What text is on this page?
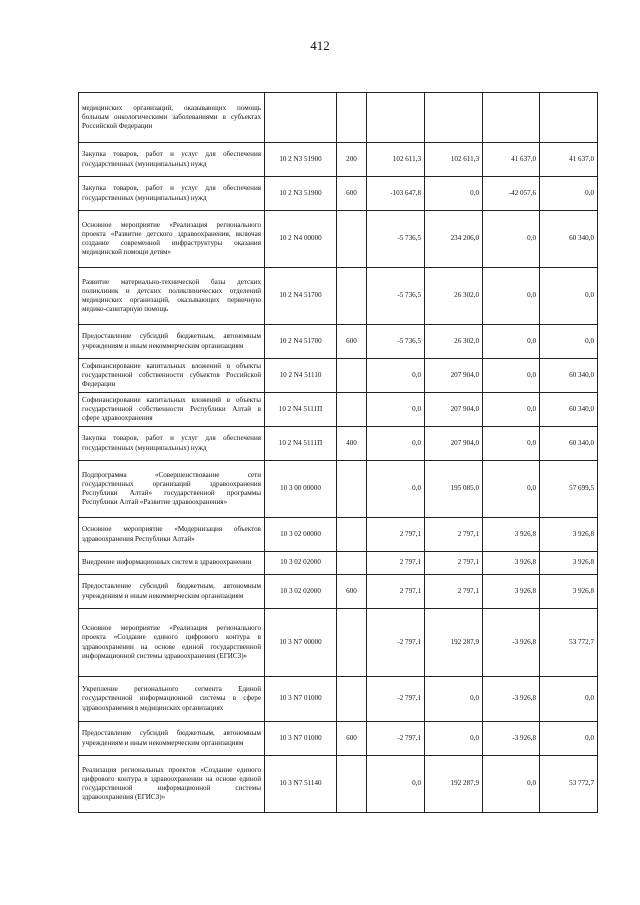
412
медицинских организаций, оказывающих помощь больным онкологическими заболеваниями в субъектах Российской Федерации						
Закупка товаров, работ и услуг для обеспечения государственных (муниципальных) нужд	10 2 N3 51900	200	102 611,3	102 611,3	41 637,0	41 637,0
Закупка товаров, работ и услуг для обеспечения государственных (муниципальных) нужд	10 2 N3 51900	600	-103 647,8	0,0	-42 057,6	0,0
Основное мероприятие «Реализация регионального проекта «Развитие детского здравоохранения, включая создание современной инфраструктуры оказания медицинской помощи детям»	10 2 N4 00000		-5 736,5	234 206,0	0,0	60 340,0
Развитие материально-технической базы детских поликлиник и детских поликлинических отделений медицинских организаций, оказывающих первичную медико-санитарную помощь	10 2 N4 51700		-5 736,5	26 302,0	0,0	0,0
Предоставление субсидий бюджетным, автономным учреждениям и иным некоммерческим организациям	10 2 N4 51700	600	-5 736,5	26 302,0	0,0	0,0
Софинансирование капитальных вложений в объекты государственной собственности субъектов Российской Федерации	10 2 N4 51110		0,0	207 904,0	0,0	60 340,0
Софинансирование капитальных вложений в объекты государственной собственности Республики Алтай в сфере здравоохранения	10 2 N4 5111П		0,0	207 904,0	0,0	60 340,0
Закупка товаров, работ и услуг для обеспечения государственных (муниципальных) нужд	10 2 N4 5111П	400	0,0	207 904,0	0,0	60 340,0
Подпрограмма «Совершенствование сети государственных организаций здравоохранения Республики Алтай» государственной программы Республики Алтай «Развитие здравоохранения»	10 3 00 00000		0,0	195 085,0	0,0	57 699,5
Основное мероприятие «Модернизация объектов здравоохранения Республики Алтай»	10 3 02 00000		2 797,1	2 797,1	3 926,8	3 926,8
Внедрение информационных систем в здравоохранении	10 3 02 02000		2 797,1	2 797,1	3 926,8	3 926,8
Предоставление субсидий бюджетным, автономным учреждениям и иным некоммерческим организациям	10 3 02 02000	600	2 797,1	2 797,1	3 926,8	3 926,8
Основное мероприятие «Реализация регионального проекта «Создание единого цифрового контура в здравоохранении на основе единой государственной информационной системы здравоохранения (ЕГИСЗ)»	10 3 N7 00000		-2 797,1	192 287,9	-3 926,8	53 772,7
Укрепление регионального сегмента Единой государственной информационной системы в сфере здравоохранения в медицинских организациях	10 3 N7 01000		-2 797,1	0,0	-3 926,8	0,0
Предоставление субсидий бюджетным, автономным учреждениям и иным некоммерческим организациям	10 3 N7 01000	600	-2 797,1	0,0	-3 926,8	0,0
Реализация региональных проектов «Создание единого цифрового контура в здравоохранении на основе единой государственной информационной системы здравоохранения (ЕГИСЗ)»	10 3 N7 51140		0,0	192 287,9	0,0	53 772,7
